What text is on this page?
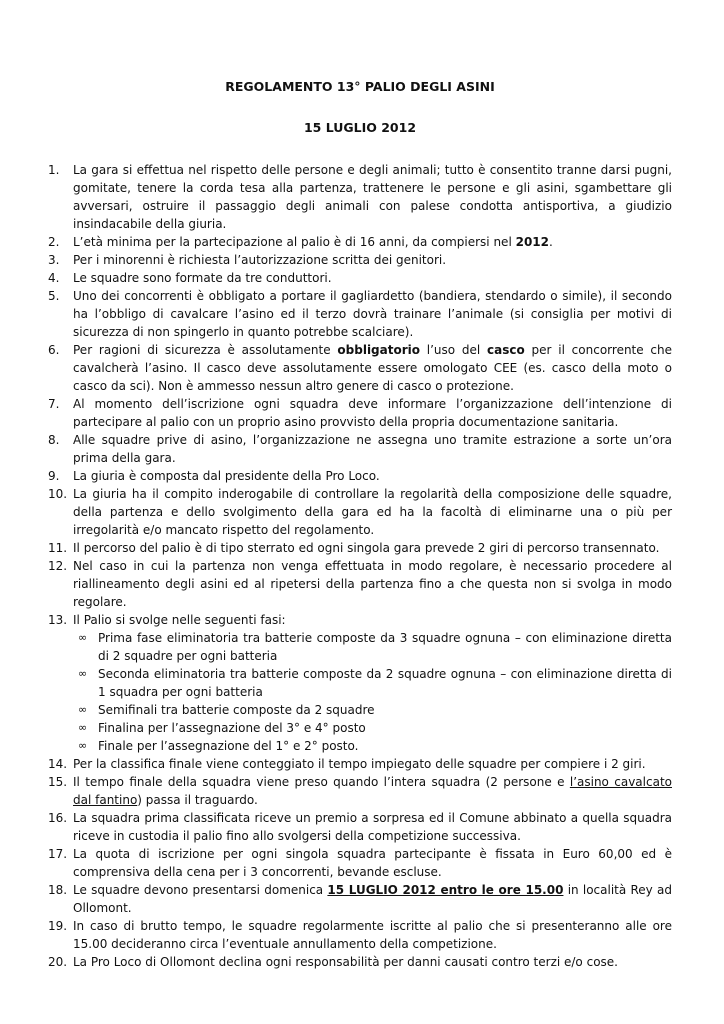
REGOLAMENTO 13° PALIO DEGLI ASINI
15 LUGLIO 2012
1.	La gara si effettua nel rispetto delle persone e degli animali; tutto è consentito tranne darsi pugni, gomitate, tenere la corda tesa alla partenza, trattenere le persone e gli asini, sgambettare gli avversari, ostruire il passaggio degli animali con palese condotta antisportiva, a giudizio insindacabile della giuria.
2.	L’età minima per la partecipazione al palio è di 16 anni, da compiersi nel 2012.
3.	Per i minorenni è richiesta l’autorizzazione scritta dei genitori.
4.	Le squadre sono formate da tre conduttori.
5.	Uno dei concorrenti è obbligato a portare il gagliardetto (bandiera, stendardo o simile), il secondo ha l’obbligo di cavalcare l’asino ed il terzo dovrà trainare l’animale (si consiglia per motivi di sicurezza di non spingerlo in quanto potrebbe scalciare).
6.	Per ragioni di sicurezza è assolutamente obbligatorio l’uso del casco per il concorrente che cavalcherà l’asino. Il casco deve assolutamente essere omologato CEE (es. casco della moto o casco da sci). Non è ammesso nessun altro genere di casco o protezione.
7.	Al momento dell’iscrizione ogni squadra deve informare l’organizzazione dell’intenzione di partecipare al palio con un proprio asino provvisto della propria documentazione sanitaria.
8.	Alle squadre prive di asino, l’organizzazione ne assegna uno tramite estrazione a sorte un’ora prima della gara.
9.	La giuria è composta dal presidente della Pro Loco.
10. La giuria ha il compito inderogabile di controllare la regolarità della composizione delle squadre, della partenza e dello svolgimento della gara ed ha la facoltà di eliminarne una o più per irregolarità e/o mancato rispetto del regolamento.
11. Il percorso del palio è di tipo sterrato ed ogni singola gara prevede 2 giri di percorso transennato.
12. Nel caso in cui la partenza non venga effettuata in modo regolare, è necessario procedere al riallineamento degli asini ed al ripetersi della partenza fino a che questa non si svolga in modo regolare.
13. Il Palio si svolge nelle seguenti fasi:
∞ Prima fase eliminatoria tra batterie composte da 3 squadre ognuna – con eliminazione diretta di 2 squadre per ogni batteria
∞ Seconda eliminatoria tra batterie composte da 2 squadre ognuna – con eliminazione diretta di 1 squadra per ogni batteria
∞ Semifinali tra batterie composte da 2 squadre
∞ Finalina per l’assegnazione del 3° e 4° posto
∞ Finale per l’assegnazione del 1° e 2° posto.
14. Per la classifica finale viene conteggiato il tempo impiegato delle squadre per compiere i 2 giri.
15. Il tempo finale della squadra viene preso quando l’intera squadra (2 persone e l’asino cavalcato dal fantino) passa il traguardo.
16. La squadra prima classificata riceve un premio a sorpresa ed il Comune abbinato a quella squadra riceve in custodia il palio fino allo svolgersi della competizione successiva.
17. La quota di iscrizione per ogni singola squadra partecipante è fissata in Euro 60,00 ed è comprensiva della cena per i 3 concorrenti, bevande escluse.
18. Le squadre devono presentarsi domenica 15 LUGLIO 2012 entro le ore 15.00 in località Rey ad Ollomont.
19. In caso di brutto tempo, le squadre regolarmente iscritte al palio che si presenteranno alle ore 15.00 decideranno circa l’eventuale annullamento della competizione.
20. La Pro Loco di Ollomont declina ogni responsabilità per danni causati contro terzi e/o cose.
